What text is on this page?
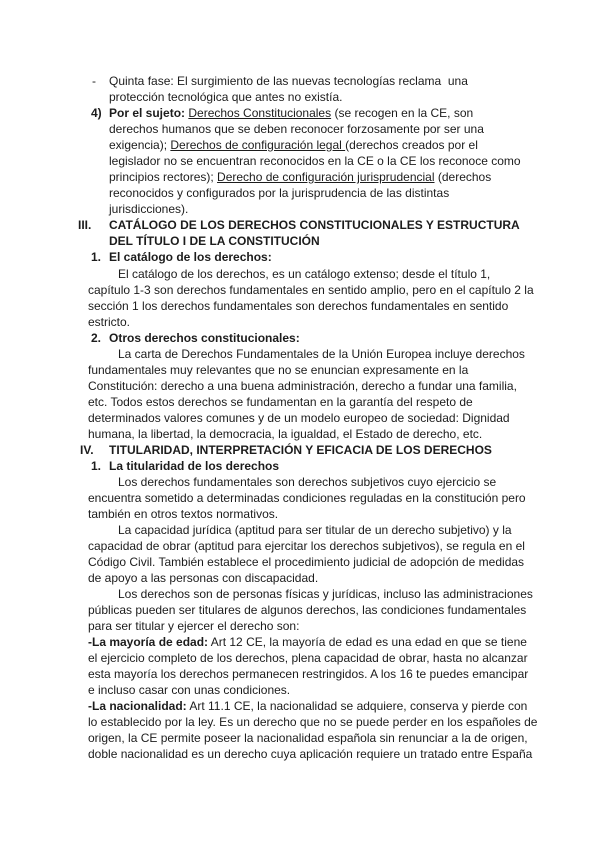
- Quinta fase: El surgimiento de las nuevas tecnologías reclama  una
protección tecnológica que antes no existía.
4) Por el sujeto: Derechos Constitucionales (se recogen en la CE, son
derechos humanos que se deben reconocer forzosamente por ser una
exigencia); Derechos de configuración legal (derechos creados por el
legislador no se encuentran reconocidos en la CE o la CE los reconoce como
principios rectores); Derecho de configuración jurisprudencial (derechos
reconocidos y configurados por la jurisprudencia de las distintas
jurisdicciones).
III. CATÁLOGO DE LOS DERECHOS CONSTITUCIONALES Y ESTRUCTURA
DEL TÍTULO I DE LA CONSTITUCIÓN
1. El catálogo de los derechos:
El catálogo de los derechos, es un catálogo extenso; desde el título 1,
capítulo 1-3 son derechos fundamentales en sentido amplio, pero en el capítulo 2 la
sección 1 los derechos fundamentales son derechos fundamentales en sentido
estricto.
2. Otros derechos constitucionales:
La carta de Derechos Fundamentales de la Unión Europea incluye derechos
fundamentales muy relevantes que no se enuncian expresamente en la
Constitución: derecho a una buena administración, derecho a fundar una familia,
etc. Todos estos derechos se fundamentan en la garantía del respeto de
determinados valores comunes y de un modelo europeo de sociedad: Dignidad
humana, la libertad, la democracia, la igualdad, el Estado de derecho, etc.
IV. TITULARIDAD, INTERPRETACIÓN Y EFICACIA DE LOS DERECHOS
1. La titularidad de los derechos
Los derechos fundamentales son derechos subjetivos cuyo ejercicio se
encuentra sometido a determinadas condiciones reguladas en la constitución pero
también en otros textos normativos.
La capacidad jurídica (aptitud para ser titular de un derecho subjetivo) y la
capacidad de obrar (aptitud para ejercitar los derechos subjetivos), se regula en el
Código Civil. También establece el procedimiento judicial de adopción de medidas
de apoyo a las personas con discapacidad.
Los derechos son de personas físicas y jurídicas, incluso las administraciones
públicas pueden ser titulares de algunos derechos, las condiciones fundamentales
para ser titular y ejercer el derecho son:
-La mayoría de edad: Art 12 CE, la mayoría de edad es una edad en que se tiene
el ejercicio completo de los derechos, plena capacidad de obrar, hasta no alcanzar
esta mayoría los derechos permanecen restringidos. A los 16 te puedes emancipar
e incluso casar con unas condiciones.
-La nacionalidad: Art 11.1 CE, la nacionalidad se adquiere, conserva y pierde con
lo establecido por la ley. Es un derecho que no se puede perder en los españoles de
origen, la CE permite poseer la nacionalidad española sin renunciar a la de origen,
doble nacionalidad es un derecho cuya aplicación requiere un tratado entre España
